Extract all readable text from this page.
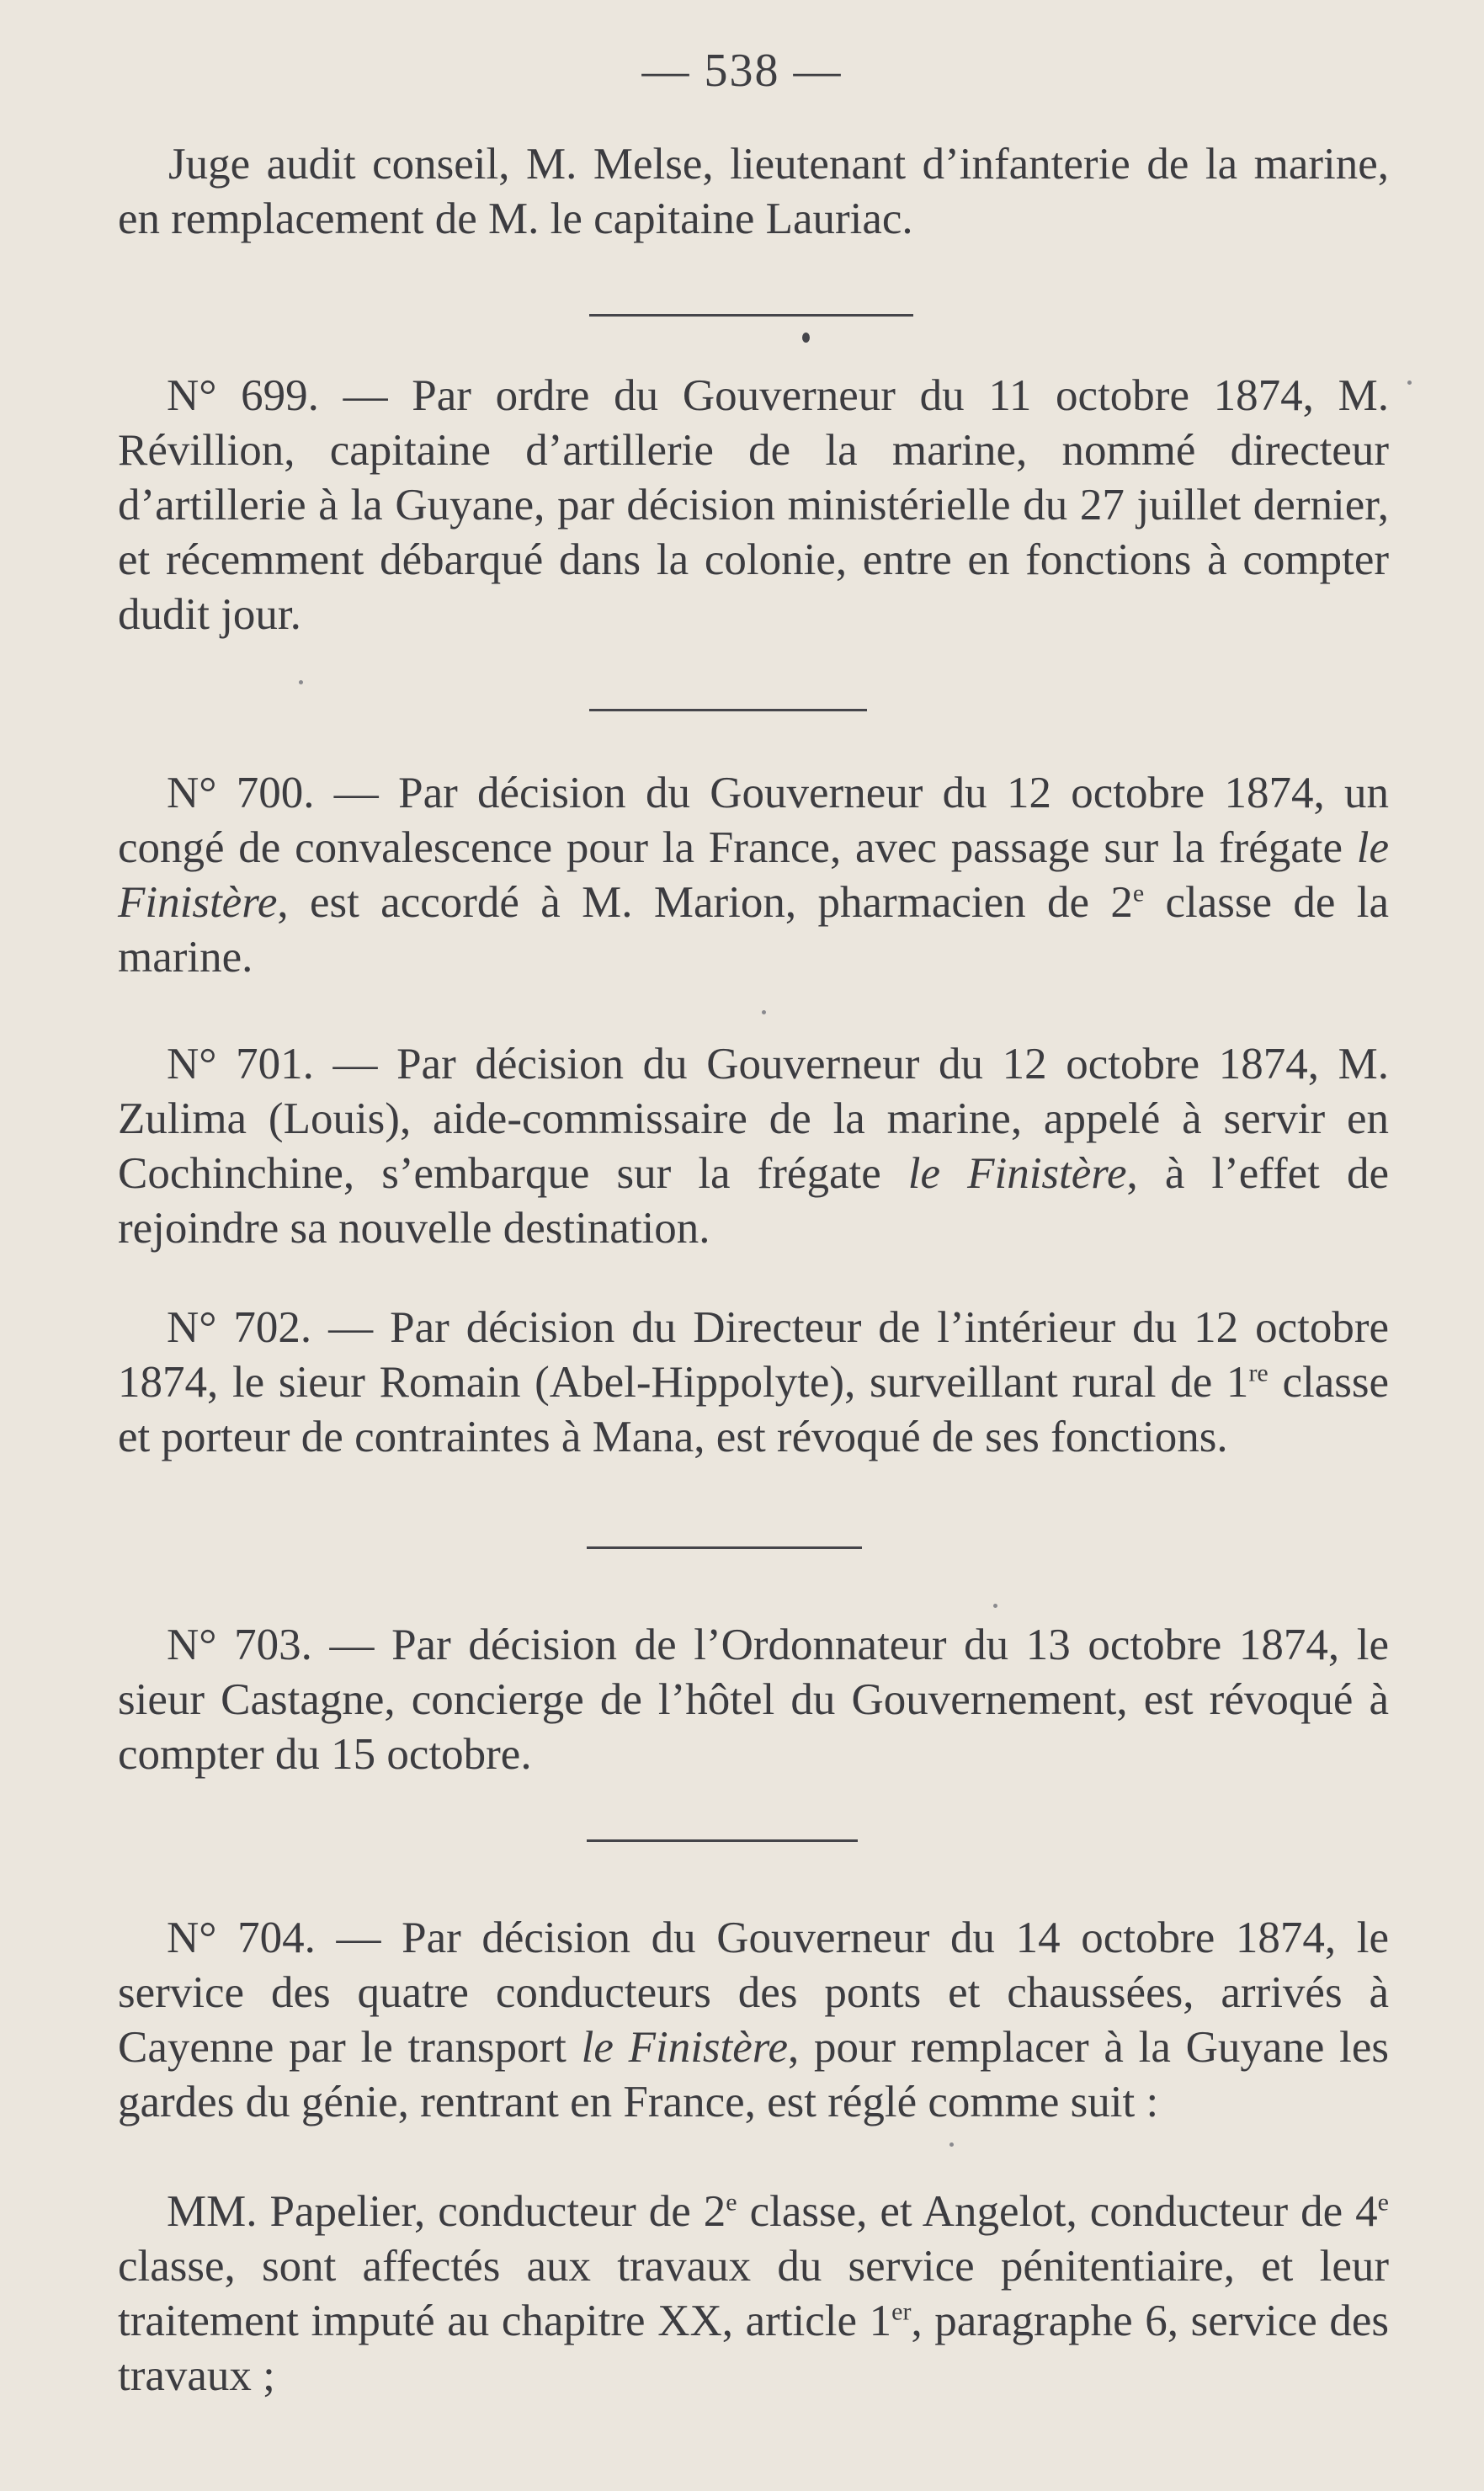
— 538 —

Juge audit conseil, M. Melse, lieutenant d’infanterie de la marine, en remplacement de M. le capitaine Lauriac.

N° 699. — Par ordre du Gouverneur du 11 octobre 1874, M. Révillion, capitaine d’artillerie de la marine, nommé directeur d’artillerie à la Guyane, par décision ministérielle du 27 juillet dernier, et récemment débarqué dans la colonie, entre en fonctions à compter dudit jour.

N° 700. — Par décision du Gouverneur du 12 octobre 1874, un congé de convalescence pour la France, avec passage sur la frégate le Finistère, est accordé à M. Marion, pharmacien de 2e classe de la marine.

N° 701. — Par décision du Gouverneur du 12 octobre 1874, M. Zulima (Louis), aide-commissaire de la marine, appelé à servir en Cochinchine, s’embarque sur la frégate le Finistère, à l’effet de rejoindre sa nouvelle destination.

N° 702. — Par décision du Directeur de l’intérieur du 12 octobre 1874, le sieur Romain (Abel-Hippolyte), surveillant rural de 1re classe et porteur de contraintes à Mana, est révoqué de ses fonctions.

N° 703. — Par décision de l’Ordonnateur du 13 octobre 1874, le sieur Castagne, concierge de l’hôtel du Gouvernement, est révoqué à compter du 15 octobre.

N° 704. — Par décision du Gouverneur du 14 octobre 1874, le service des quatre conducteurs des ponts et chaussées, arrivés à Cayenne par le transport le Finistère, pour remplacer à la Guyane les gardes du génie, rentrant en France, est réglé comme suit :

MM. Papelier, conducteur de 2e classe, et Angelot, conducteur de 4e classe, sont affectés aux travaux du service pénitentiaire, et leur traitement imputé au chapitre XX, article 1er, paragraphe 6, service des travaux ;
